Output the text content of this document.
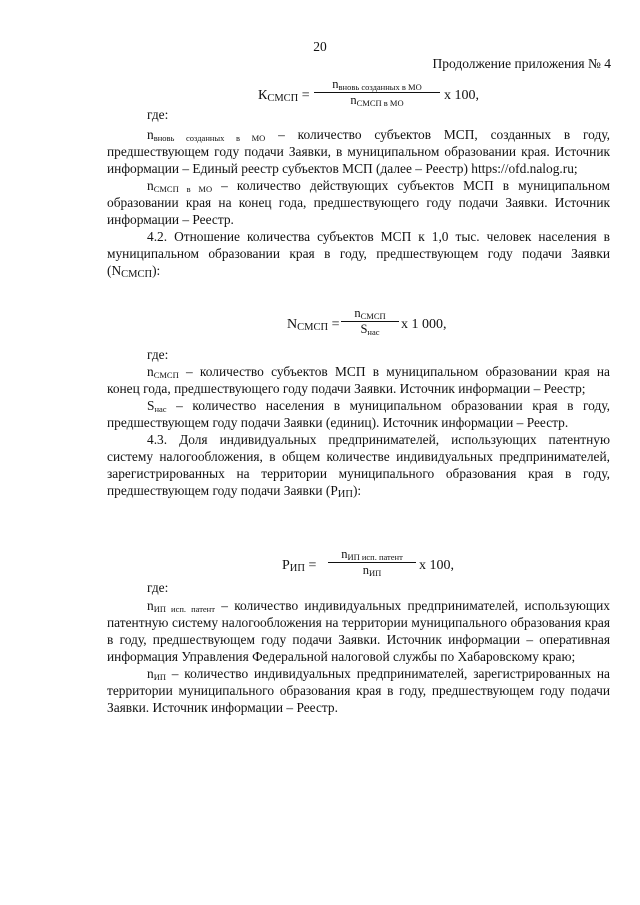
20
Продолжение приложения № 4
$К_{СМСП}$ =
$n_{вновь созданных в МО}$
$n_{СМСП в МО}$	x 100,
где:

$n_{вновь созданных в МО}$ – количество субъектов МСП, созданных в году, предшествующем году подачи Заявки, в муниципальном образовании края. Источник информации – Единый реестр субъектов МСП (далее – Реестр) https://ofd.nalog.ru;

$n_{СМСП в МО}$ – количество действующих субъектов МСП в муниципальном образовании края на конец года, предшествующего году подачи Заявки. Источник информации – Реестр.

4.2. Отношение количества субъектов МСП к 1,0 тыс. человек населения в муниципальном образовании края в году, предшествующем году подачи Заявки $(N_{СМСП})$:

$N_{СМСП}$ =
$n_{СМСП}$
$S_{нас}$	x 1 000,
где:

$n_{СМСП}$ – количество субъектов МСП в муниципальном образовании края на конец года, предшествующего году подачи Заявки. Источник информации – Реестр;

$S_{нас}$ – количество населения в муниципальном образовании края в году, предшествующем году подачи Заявки (единиц). Источник информации – Реестр.

4.3. Доля индивидуальных предпринимателей, использующих патентную систему налогообложения, в общем количестве индивидуальных предпринимателей, зарегистрированных на территории муниципального образования края в году, предшествующем году подачи Заявки $(Р_{ИП})$:

$Р_{ИП}$ =
$n_{ИП исп. патент}$
$n_{ИП}$	x 100,
где:

$n_{ИП исп. патент}$ – количество индивидуальных предпринимателей, использующих патентную систему налогообложения на территории муниципального образования края в году, предшествующем году подачи Заявки. Источник информации – оперативная информация Управления Федеральной налоговой службы по Хабаровскому краю;

$n_{ИП}$ – количество индивидуальных предпринимателей, зарегистрированных на территории муниципального образования края в году, предшествующем году подачи Заявки. Источник информации – Реестр.
